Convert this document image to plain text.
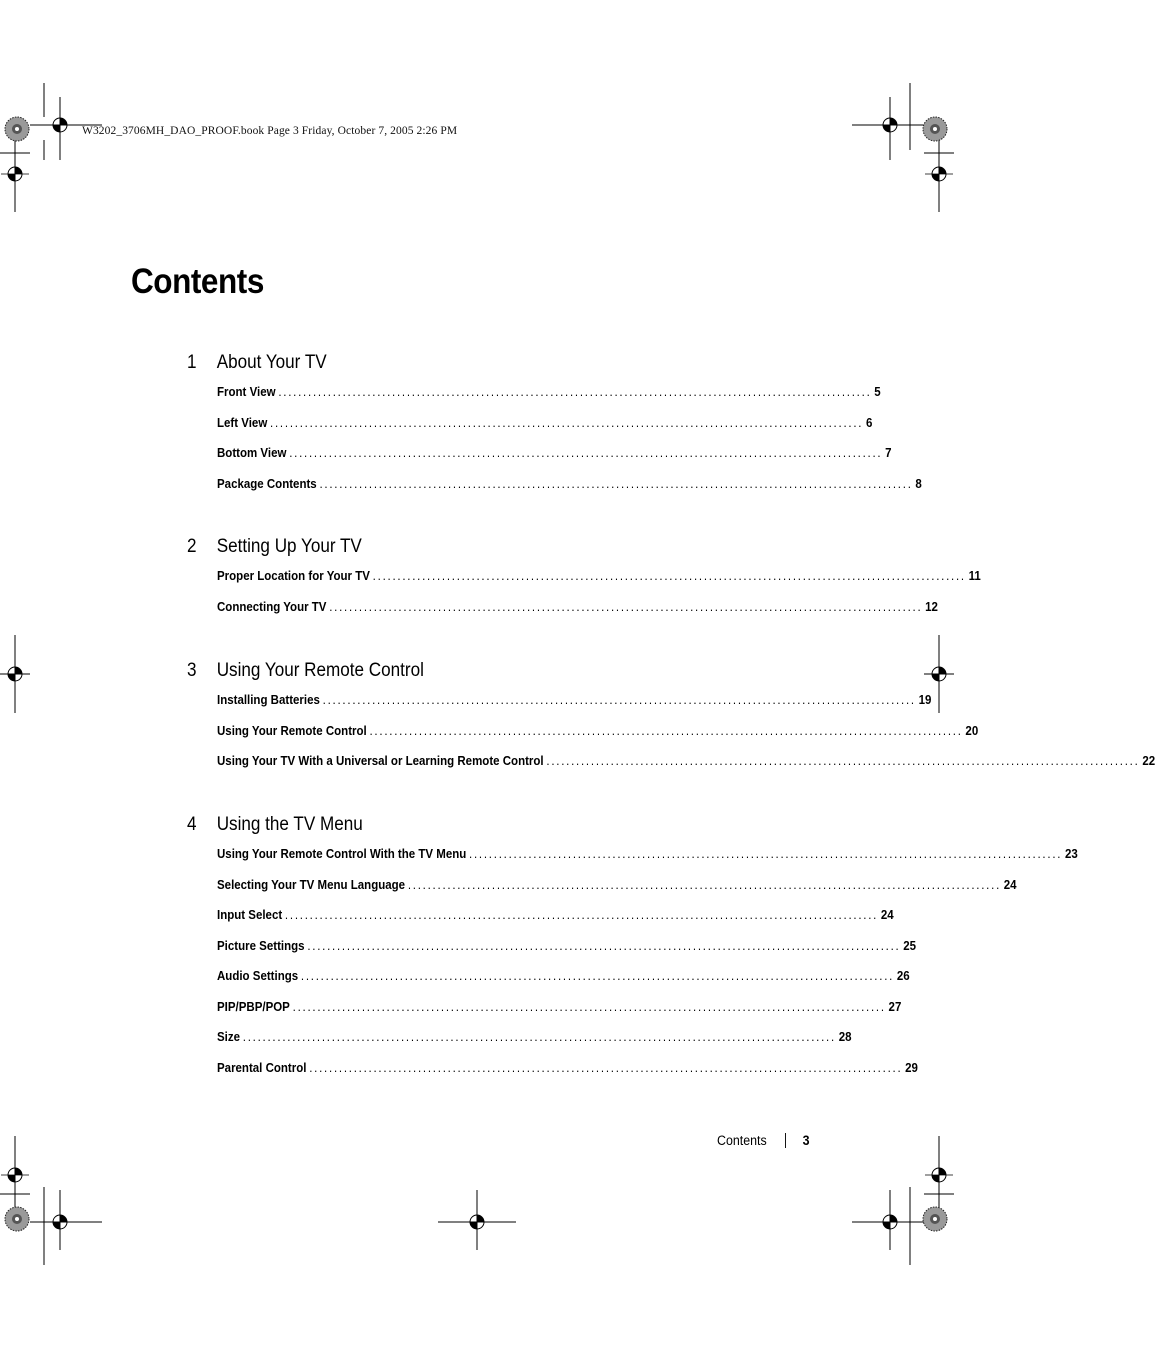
W3202_3706MH_DAO_PROOF.book Page 3 Friday, October 7, 2005 2:26 PM
Contents
1	About Your TV
Front View ........................................................................................................................ 5
Left View ........................................................................................................................ 6
Bottom View ........................................................................................................................ 7
Package Contents ........................................................................................................................ 8
2	Setting Up Your TV
Proper Location for Your TV ........................................................................................................................ 11
Connecting Your TV ........................................................................................................................ 12
3	Using Your Remote Control
Installing Batteries ........................................................................................................................ 19
Using Your Remote Control ........................................................................................................................ 20
Using Your TV With a Universal or Learning Remote Control ........................................................................................................................ 22
4	Using the TV Menu
Using Your Remote Control With the TV Menu ........................................................................................................................ 23
Selecting Your TV Menu Language ........................................................................................................................ 24
Input Select ........................................................................................................................ 24
Picture Settings ........................................................................................................................ 25
Audio Settings ........................................................................................................................ 26
PIP/PBP/POP ........................................................................................................................ 27
Size ........................................................................................................................ 28
Parental Control ........................................................................................................................ 29
Contents	3
